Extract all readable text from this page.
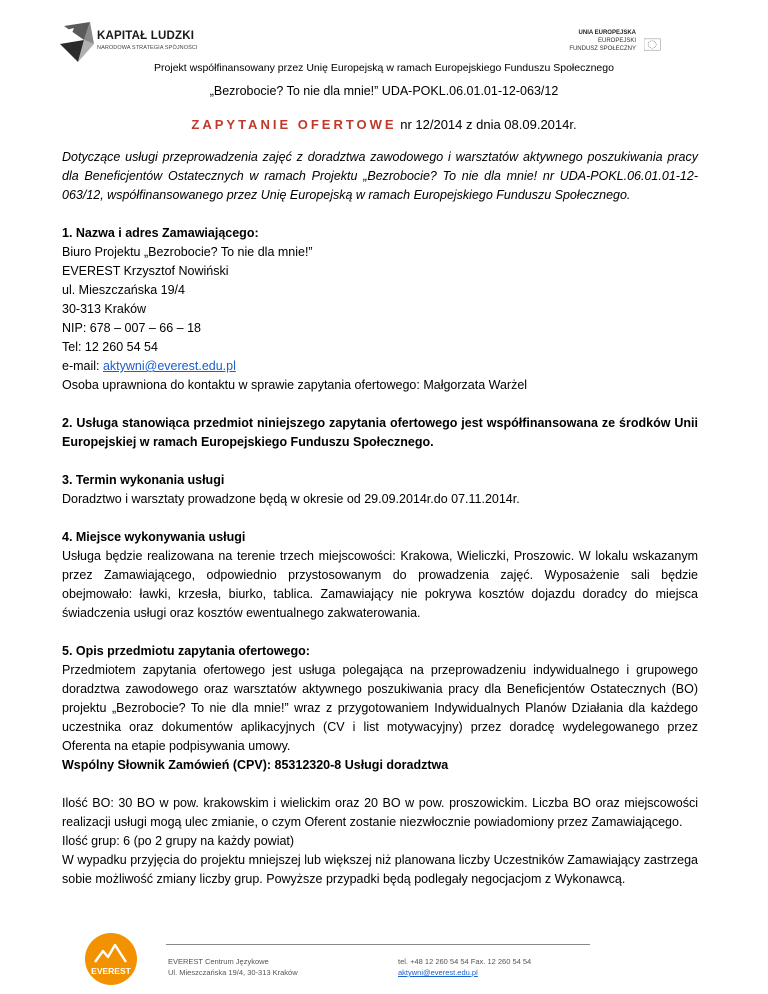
KAPITAŁ LUDZKI
NARODOWA STRATEGIA SPÓJNOŚCI
UNIA EUROPEJSKA
EUROPEJSKI
FUNDUSZ SPOŁECZNY
Projekt współfinansowany przez Unię Europejską w ramach Europejskiego Funduszu Społecznego
„Bezrobocie? To nie dla mnie!” UDA-POKL.06.01.01-12-063/12
ZAPYTANIE OFERTOWE nr 12/2014 z dnia 08.09.2014r.

Dotyczące usługi przeprowadzenia zajęć z doradztwa zawodowego i warsztatów aktywnego poszukiwania pracy dla Beneficjentów Ostatecznych w ramach Projektu „Bezrobocie? To nie dla mnie! nr UDA-POKL.06.01.01-12-063/12, współfinansowanego przez Unię Europejską w ramach Europejskiego Funduszu Społecznego.

1. Nazwa i adres Zamawiającego:

Biuro Projektu „Bezrobocie? To nie dla mnie!”

EVEREST Krzysztof Nowiński

ul. Mieszczańska 19/4

30-313 Kraków

NIP: 678 – 007 – 66 – 18

Tel: 12 260 54 54

e-mail: aktywni@everest.edu.pl

Osoba uprawniona do kontaktu w sprawie zapytania ofertowego: Małgorzata Warżel

2. Usługa stanowiąca przedmiot niniejszego zapytania ofertowego jest współfinansowana ze środków Unii Europejskiej w ramach Europejskiego Funduszu Społecznego.

3. Termin wykonania usługi

Doradztwo i warsztaty prowadzone będą w okresie od 29.09.2014r.do 07.11.2014r.

4. Miejsce wykonywania usługi

Usługa będzie realizowana na terenie trzech miejscowości: Krakowa, Wieliczki, Proszowic. W lokalu wskazanym przez Zamawiającego, odpowiednio przystosowanym do prowadzenia zajęć. Wyposażenie sali będzie obejmowało: ławki, krzesła, biurko, tablica. Zamawiający nie pokrywa kosztów dojazdu doradcy do miejsca świadczenia usługi oraz kosztów ewentualnego zakwaterowania.

5. Opis przedmiotu zapytania ofertowego:

Przedmiotem zapytania ofertowego jest usługa polegająca na przeprowadzeniu indywidualnego i grupowego doradztwa zawodowego oraz warsztatów aktywnego poszukiwania pracy dla Beneficjentów Ostatecznych (BO) projektu „Bezrobocie? To nie dla mnie!” wraz z przygotowaniem Indywidualnych Planów Działania dla każdego uczestnika oraz dokumentów aplikacyjnych (CV i list motywacyjny) przez doradcę wydelegowanego przez Oferenta na etapie podpisywania umowy.

Wspólny Słownik Zamówień (CPV): 85312320-8 Usługi doradztwa

Ilość BO: 30 BO w pow. krakowskim i wielickim oraz 20 BO w pow. proszowickim. Liczba BO oraz miejscowości realizacji usługi mogą ulec zmianie, o czym Oferent zostanie niezwłocznie powiadomiony przez Zamawiającego.

Ilość grup: 6 (po 2 grupy na każdy powiat)

W wypadku przyjęcia do projektu mniejszej lub większej niż planowana liczby Uczestników Zamawiający zastrzega sobie możliwość zmiany liczby grup. Powyższe przypadki będą podlegały negocjacjom z Wykonawcą.

EVEREST
EVEREST Centrum Językowe
Ul. Mieszczańska 19/4, 30-313 Kraków
tel. +48 12 260 54 54 Fax. 12 260 54 54
aktywni@everest.edu.pl
